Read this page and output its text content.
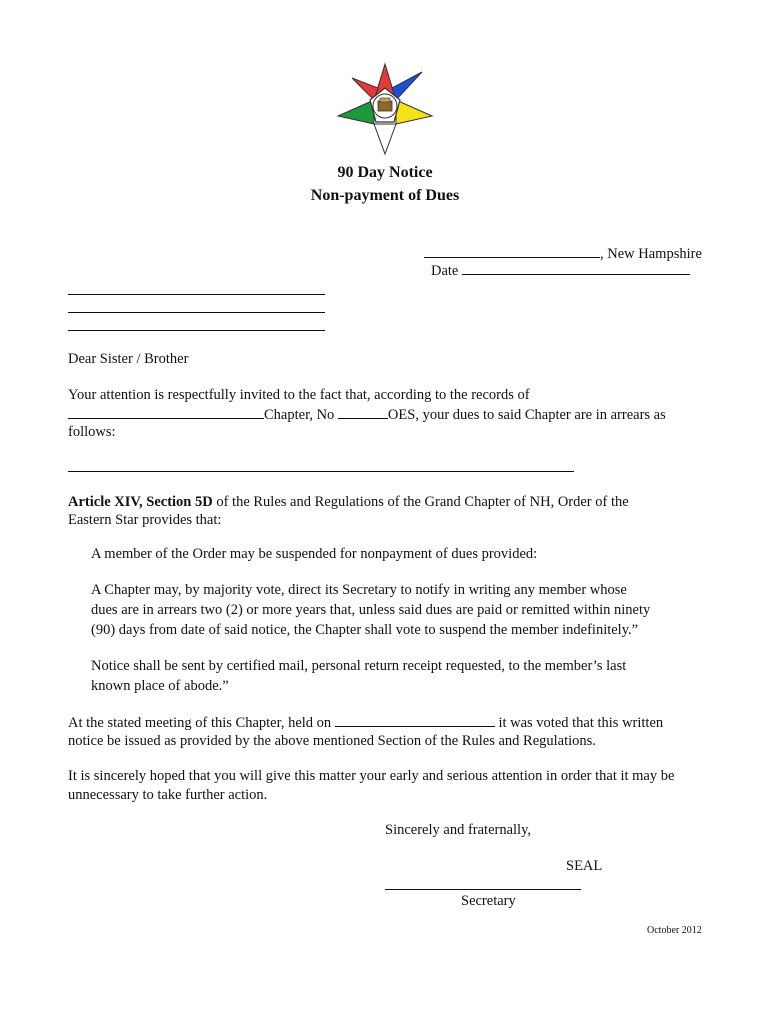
90 Day Notice
Non-payment of Dues
, New Hampshire
Date
Dear Sister / Brother
Your attention is respectfully invited to the fact that, according to the records of
Chapter, No	OES, your dues to said Chapter are in arrears as
follows:
Article XIV, Section 5D of the Rules and Regulations of the Grand Chapter of NH, Order of the
Eastern Star provides that:
A member of the Order may be suspended for nonpayment of dues provided:
A Chapter may, by majority vote, direct its Secretary to notify in writing any member whose
dues are in arrears two (2) or more years that, unless said dues are paid or remitted within ninety
(90) days from date of said notice, the Chapter shall vote to suspend the member indefinitely.”
Notice shall be sent by certified mail, personal return receipt requested, to the member’s last
known place of abode.”
At the stated meeting of this Chapter, held on	it was voted that this written
notice be issued as provided by the above mentioned Section of the Rules and Regulations.
It is sincerely hoped that you will give this matter your early and serious attention in order that it may be
unnecessary to take further action.
Sincerely and fraternally,
SEAL
Secretary
October 2012
